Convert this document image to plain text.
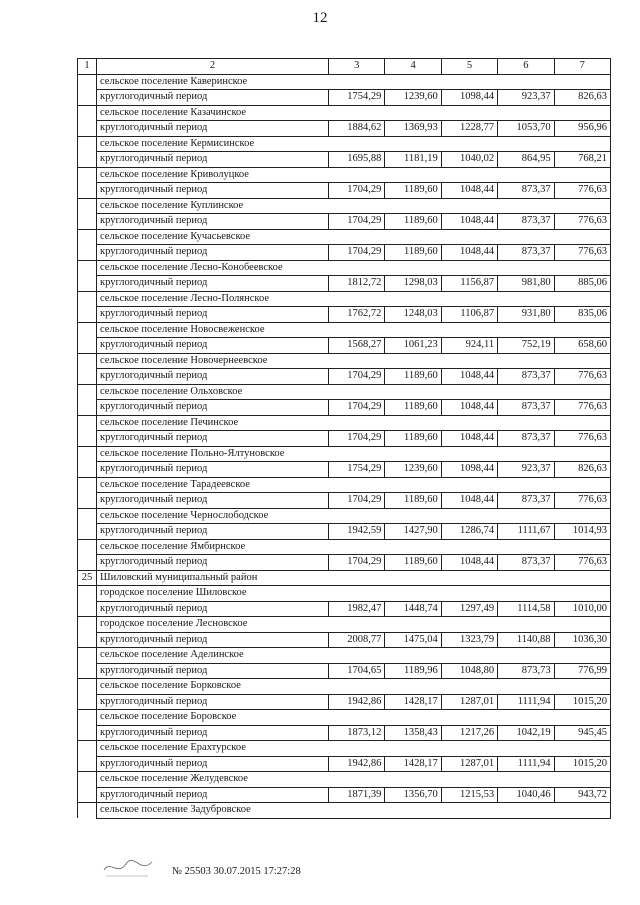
12
1	2	3	4	5	6	7
	сельское поселение Каверинское					
	круглогодичный период	1754,29	1239,60	1098,44	923,37	826,63
	сельское поселение Казачинское					
	круглогодичный период	1884,62	1369,93	1228,77	1053,70	956,96
	сельское поселение Кермисинское					
	круглогодичный период	1695,88	1181,19	1040,02	864,95	768,21
	сельское поселение Криволуцкое					
	круглогодичный период	1704,29	1189,60	1048,44	873,37	776,63
	сельское поселение Куплинское					
	круглогодичный период	1704,29	1189,60	1048,44	873,37	776,63
	сельское поселение Кучасьевское					
	круглогодичный период	1704,29	1189,60	1048,44	873,37	776,63
	сельское поселение Лесно-Конобеевское					
	круглогодичный период	1812,72	1298,03	1156,87	981,80	885,06
	сельское поселение Лесно-Полянское					
	круглогодичный период	1762,72	1248,03	1106,87	931,80	835,06
	сельское поселение Новосвеженское					
	круглогодичный период	1568,27	1061,23	924,11	752,19	658,60
	сельское поселение Новочернеевское					
	круглогодичный период	1704,29	1189,60	1048,44	873,37	776,63
	сельское поселение Ольховское					
	круглогодичный период	1704,29	1189,60	1048,44	873,37	776,63
	сельское поселение Печинское					
	круглогодичный период	1704,29	1189,60	1048,44	873,37	776,63
	сельское поселение Польно-Ялтуновское					
	круглогодичный период	1754,29	1239,60	1098,44	923,37	826,63
	сельское поселение Тарадеевское					
	круглогодичный период	1704,29	1189,60	1048,44	873,37	776,63
	сельское поселение Чернослободское					
	круглогодичный период	1942,59	1427,90	1286,74	1111,67	1014,93
	сельское поселение Ямбирнское					
	круглогодичный период	1704,29	1189,60	1048,44	873,37	776,63
25	Шиловский муниципальный район					
	городское поселение Шиловское					
	круглогодичный период	1982,47	1448,74	1297,49	1114,58	1010,00
	городское поселение Лесновское					
	круглогодичный период	2008,77	1475,04	1323,79	1140,88	1036,30
	сельское поселение Аделинское					
	круглогодичный период	1704,65	1189,96	1048,80	873,73	776,99
	сельское поселение Борковское					
	круглогодичный период	1942,86	1428,17	1287,01	1111,94	1015,20
	сельское поселение Боровское					
	круглогодичный период	1873,12	1358,43	1217,26	1042,19	945,45
	сельское поселение Ерахтурское					
	круглогодичный период	1942,86	1428,17	1287,01	1111,94	1015,20
	сельское поселение Желудевское					
	круглогодичный период	1871,39	1356,70	1215,53	1040,46	943,72
	сельское поселение Задубровское					
№ 25503 30.07.2015 17:27:28
